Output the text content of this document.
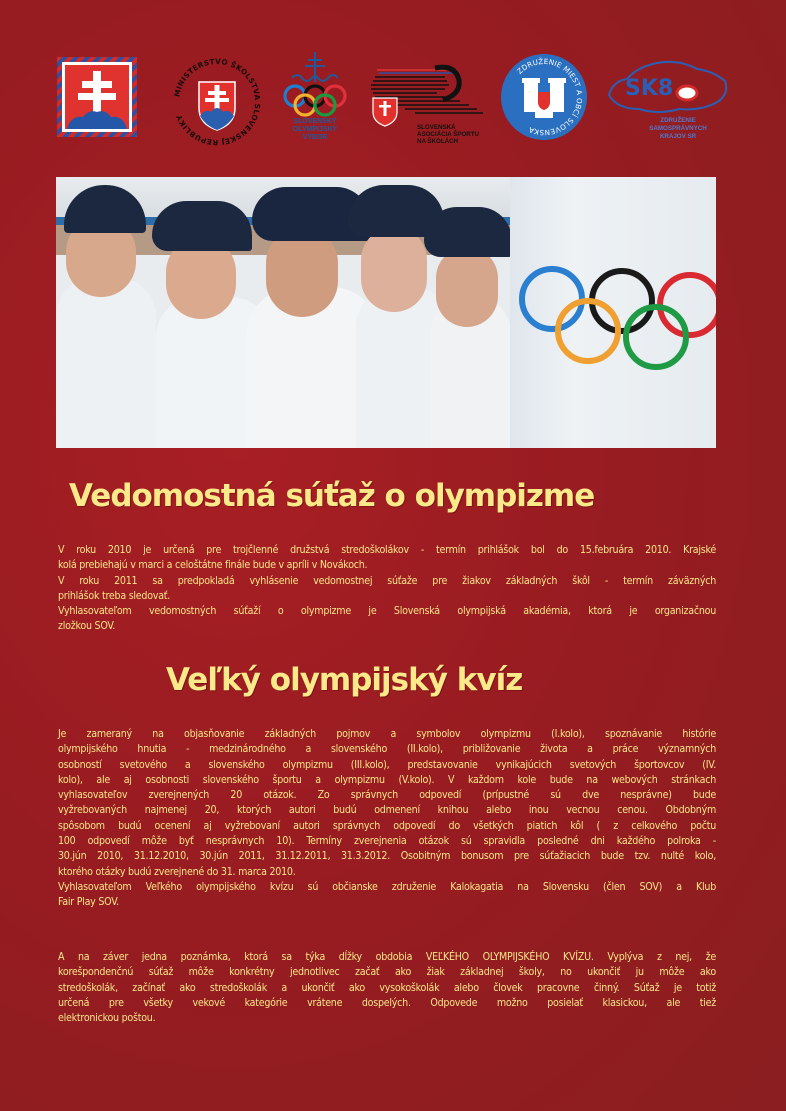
MINISTERSTVO ŠKOLSTVA SLOVENSKEJ REPUBLIKY	SLOVENSKÝ OLYMPIJSKÝ VÝBOR
SLOVENSKÁ ASOCIÁCIA ŠPORTU NA ŠKOLÁCH
ZDRUŽENIE MIEST A OBCÍ SLOVENSKA
SK8
ZDRUŽENIE SAMOSPRÁVNYCH KRAJOV SR
Vedomostná súťaž o olympizme
V roku 2010 je určená pre trojčlenné družstvá stredoškolákov - termín prihlášok bol do 15.februára 2010. Krajské
kolá prebiehajú v marci a celoštátne finále bude v apríli v Novákoch.
V roku 2011 sa predpokladá vyhlásenie vedomostnej súťaže pre žiakov základných škôl - termín záväzných
prihlášok treba sledovať.
Vyhlasovateľom vedomostných súťaží o olympizme je Slovenská olympijská akadémia, ktorá je organizačnou
zložkou SOV.
Veľký olympijský kvíz
Je zameraný na objasňovanie základných pojmov a symbolov olympizmu (I.kolo), spoznávanie histórie
olympijského hnutia - medzinárodného a slovenského (II.kolo), približovanie života a práce významných
osobností svetového a slovenského olympizmu (III.kolo), predstavovanie vynikajúcich svetových športovcov (IV.
kolo), ale aj osobnosti slovenského športu a olympizmu (V.kolo). V každom kole bude na webových stránkach
vyhlasovateľov zverejnených 20 otázok. Zo správnych odpovedí (prípustné sú dve nesprávne) bude
vyžrebovaných najmenej 20, ktorých autori budú odmenení knihou alebo inou vecnou cenou. Obdobným
spôsobom budú ocenení aj vyžrebovaní autori správnych odpovedí do všetkých piatich kôl ( z celkového počtu
100 odpovedí môže byť nesprávnych 10). Termíny zverejnenia otázok sú spravidla posledné dni každého polroka -
30.jún 2010, 31.12.2010, 30.jún 2011, 31.12.2011, 31.3.2012. Osobitným bonusom pre súťažiacich bude tzv. nulté kolo,
ktorého otázky budú zverejnené do 31. marca 2010.
Vyhlasovateľom Veľkého olympijského kvízu sú občianske združenie Kalokagatia na Slovensku (člen SOV) a Klub
Fair Play SOV.
A na záver jedna poznámka, ktorá sa týka dĺžky obdobia VEĽKÉHO OLYMPIJSKÉHO KVÍZU. Vyplýva z nej, že
korešpondenčnú súťaž môže konkrétny jednotlivec začať ako žiak základnej školy, no ukončiť ju môže ako
stredoškolák, začínať ako stredoškolák a ukončiť ako vysokoškolák alebo človek pracovne činný. Súťaž je totiž
určená pre všetky vekové kategórie vrátene dospelých. Odpovede možno posielať klasickou, ale tiež
elektronickou poštou.
